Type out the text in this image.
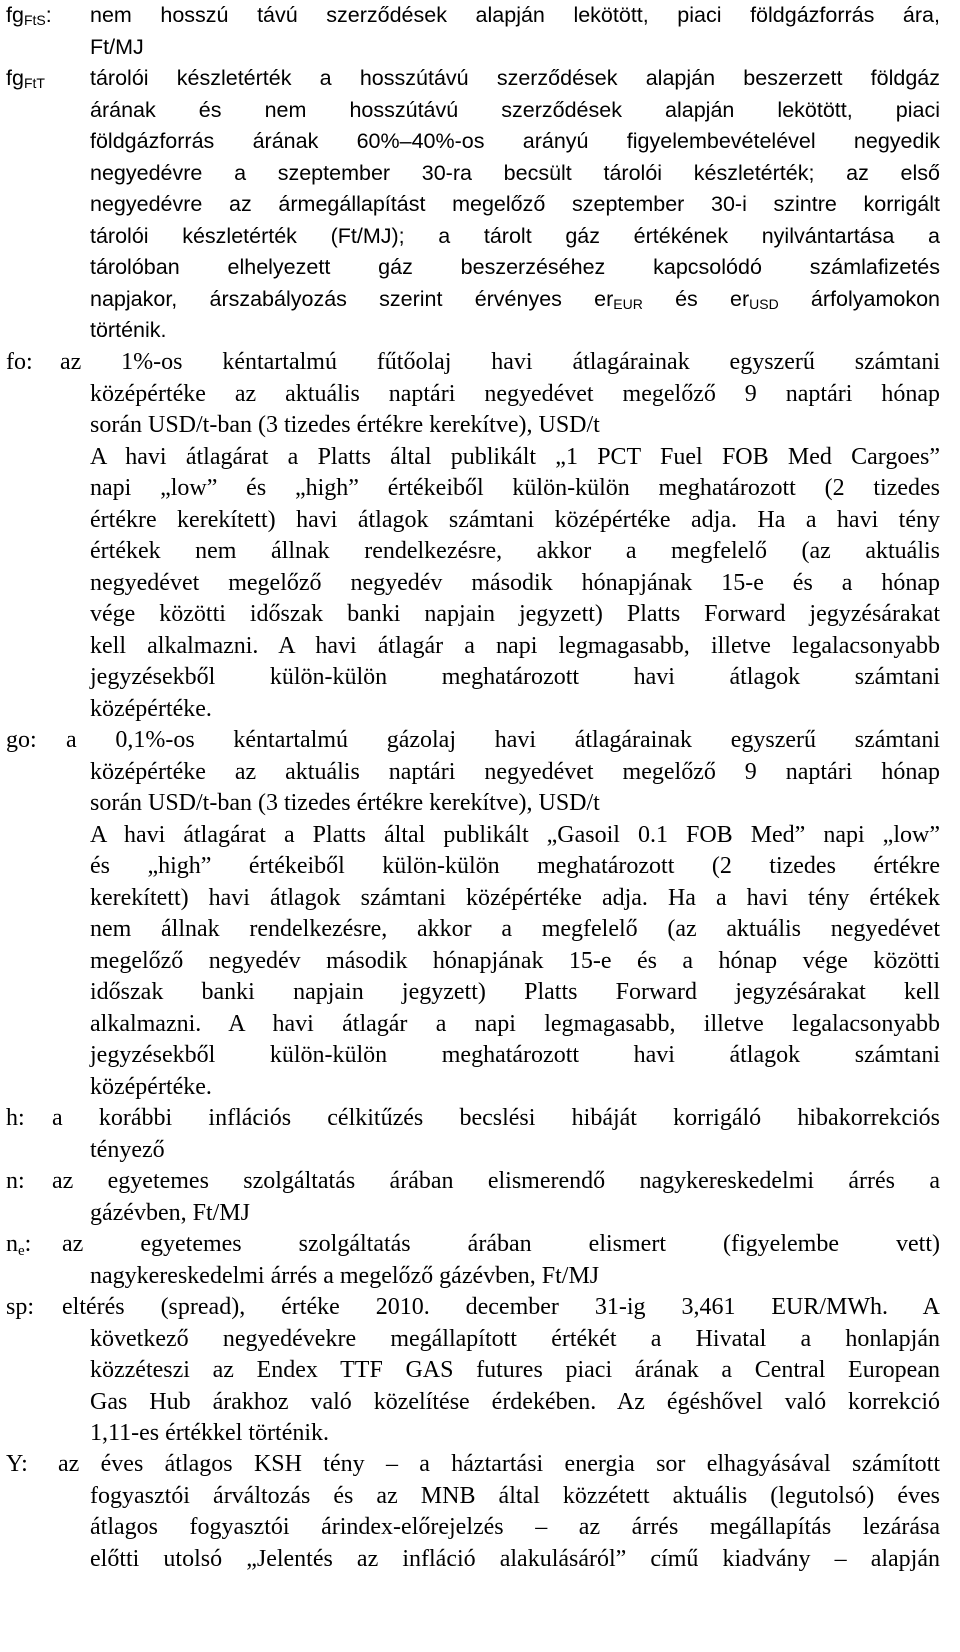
$fg_{FtS}$: nem hosszú távú szerződések alapján lekötött, piaci földgázforrás ára,
Ft/MJ
$fg_{FtT}$ tárolói készletérték a hosszútávú szerződések alapján beszerzett földgáz
árának és nem hosszútávú szerződések alapján lekötött, piaci
földgázforrás árának 60%–40%-os arányú figyelembevételével negyedik
negyedévre a szeptember 30-ra becsült tárolói készletérték; az első
negyedévre az ármegállapítást megelőző szeptember 30-i szintre korrigált
tárolói készletérték (Ft/MJ); a tárolt gáz értékének nyilvántartása a
tárolóban elhelyezett gáz beszerzéséhez kapcsolódó számlafizetés
napjakor, árszabályozás szerint érvényes $er_{EUR}$ és $er_{USD}$ árfolyamokon
történik.
fo: az 1%-os kéntartalmú fűtőolaj havi átlagárainak egyszerű számtani
középértéke az aktuális naptári negyedévet megelőző 9 naptári hónap
során USD/t-ban (3 tizedes értékre kerekítve), USD/t
A havi átlagárat a Platts által publikált „1 PCT Fuel FOB Med Cargoes”
napi „low” és „high” értékeiből külön-külön meghatározott (2 tizedes
értékre kerekített) havi átlagok számtani középértéke adja. Ha a havi tény
értékek nem állnak rendelkezésre, akkor a megfelelő (az aktuális
negyedévet megelőző negyedév második hónapjának 15-e és a hónap
vége közötti időszak banki napjain jegyzett) Platts Forward jegyzésárakat
kell alkalmazni. A havi átlagár a napi legmagasabb, illetve legalacsonyabb
jegyzésekből külön-külön meghatározott havi átlagok számtani
középértéke.
go: a 0,1%-os kéntartalmú gázolaj havi átlagárainak egyszerű számtani
középértéke az aktuális naptári negyedévet megelőző 9 naptári hónap
során USD/t-ban (3 tizedes értékre kerekítve), USD/t
A havi átlagárat a Platts által publikált „Gasoil 0.1 FOB Med” napi „low”
és „high” értékeiből külön-külön meghatározott (2 tizedes értékre
kerekített) havi átlagok számtani középértéke adja. Ha a havi tény értékek
nem állnak rendelkezésre, akkor a megfelelő (az aktuális negyedévet
megelőző negyedév második hónapjának 15-e és a hónap vége közötti
időszak banki napjain jegyzett) Platts Forward jegyzésárakat kell
alkalmazni. A havi átlagár a napi legmagasabb, illetve legalacsonyabb
jegyzésekből külön-külön meghatározott havi átlagok számtani
középértéke.
h: a korábbi inflációs célkitűzés becslési hibáját korrigáló hibakorrekciós
tényező
n: az egyetemes szolgáltatás árában elismerendő nagykereskedelmi árrés a
gázévben, Ft/MJ
$n_e$: az egyetemes szolgáltatás árában elismert (figyelembe vett)
nagykereskedelmi árrés a megelőző gázévben, Ft/MJ
sp: eltérés (spread), értéke 2010. december 31-ig 3,461 EUR/MWh. A
következő negyedévekre megállapított értékét a Hivatal a honlapján
közzéteszi az Endex TTF GAS futures piaci árának a Central European
Gas Hub árakhoz való közelítése érdekében. Az égéshővel való korrekció
1,11-es értékkel történik.
Y: az éves átlagos KSH tény – a háztartási energia sor elhagyásával számított
fogyasztói árváltozás és az MNB által közzétett aktuális (legutolsó) éves
átlagos fogyasztói árindex-előrejelzés – az árrés megállapítás lezárása
előtti utolsó „Jelentés az infláció alakulásáról” című kiadvány – alapján
